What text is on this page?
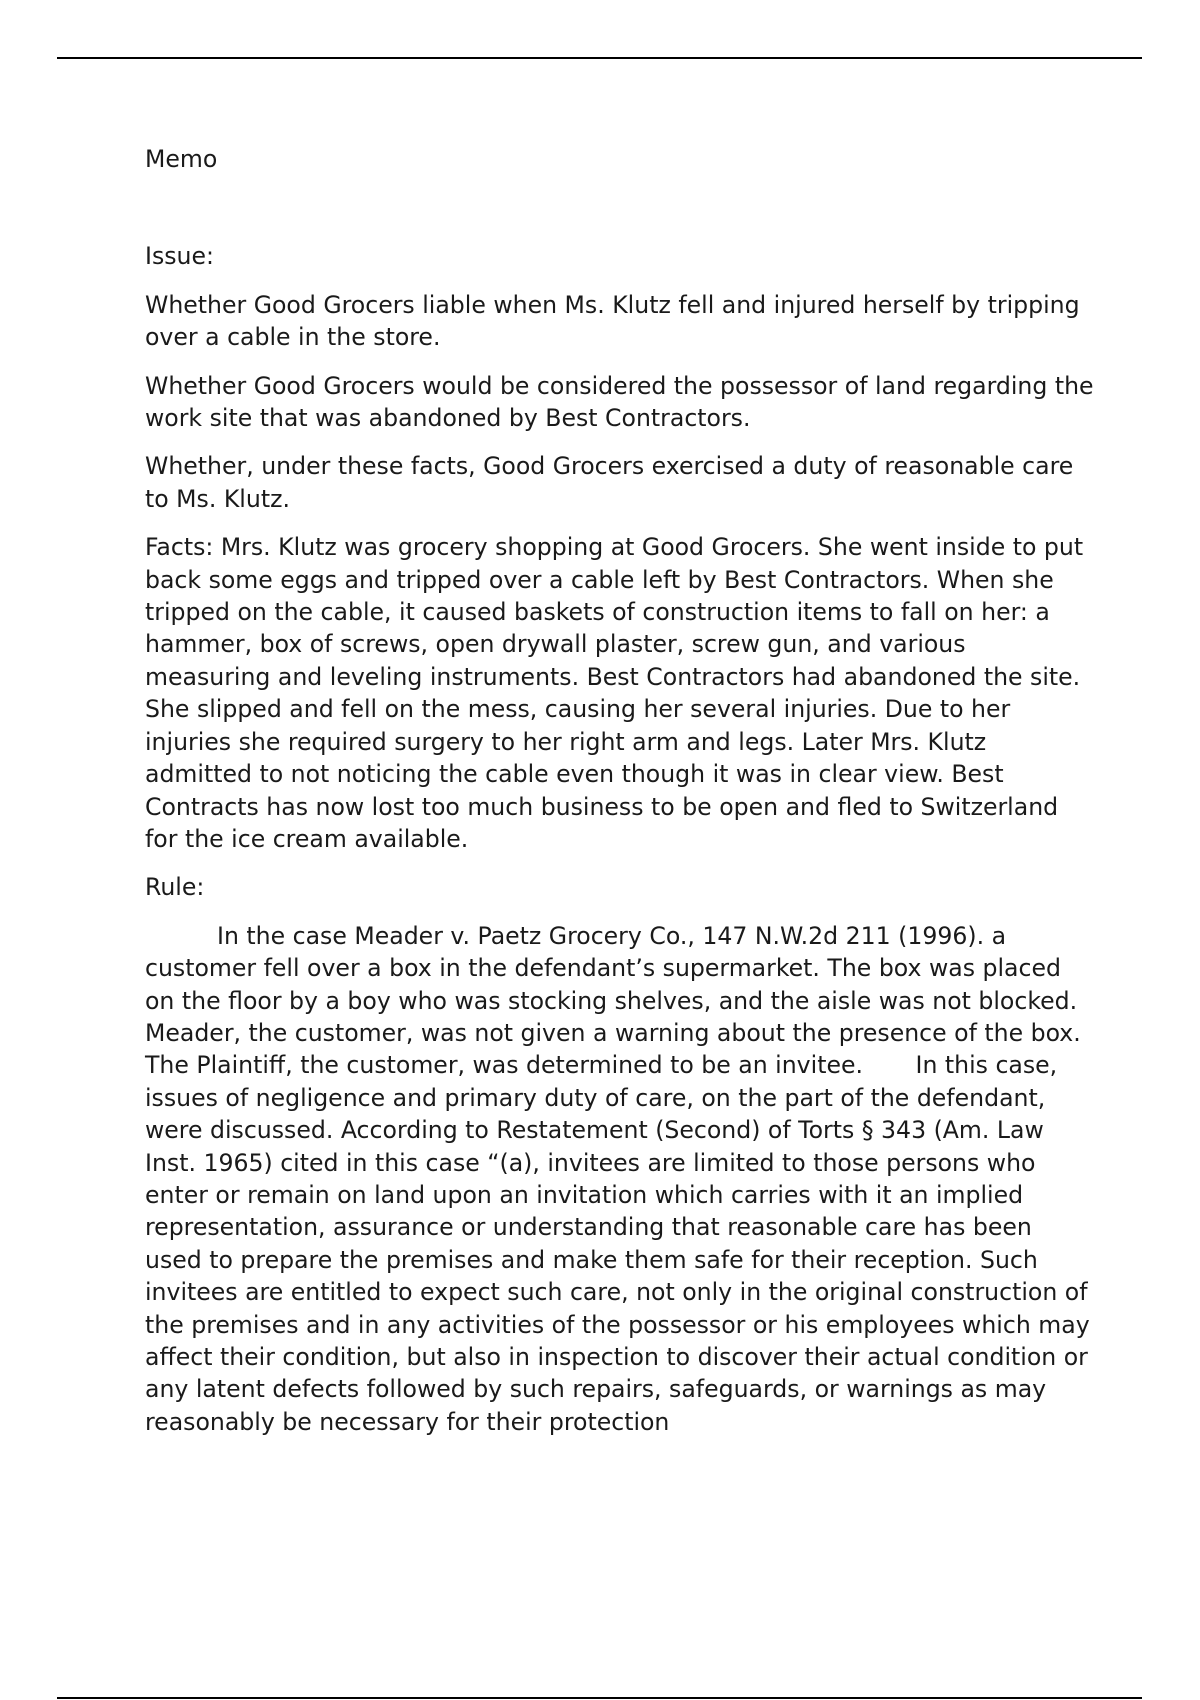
Memo

Issue:

Whether Good Grocers liable when Ms. Klutz fell and injured herself by tripping over a cable in the store.

Whether Good Grocers would be considered the possessor of land regarding the work site that was abandoned by Best Contractors.

Whether, under these facts, Good Grocers exercised a duty of reasonable care to Ms. Klutz.

Facts: Mrs. Klutz was grocery shopping at Good Grocers. She went inside to put back some eggs and tripped over a cable left by Best Contractors. When she tripped on the cable, it caused baskets of construction items to fall on her: a hammer, box of screws, open drywall plaster, screw gun, and various measuring and leveling instruments. Best Contractors had abandoned the site. She slipped and fell on the mess, causing her several injuries. Due to her injuries she required surgery to her right arm and legs. Later Mrs. Klutz admitted to not noticing the cable even though it was in clear view. Best Contracts has now lost too much business to be open and fled to Switzerland for the ice cream available.

Rule:

In the case Meader v. Paetz Grocery Co., 147 N.W.2d 211 (1996). a customer fell over a box in the defendant’s supermarket. The box was placed on the floor by a boy who was stocking shelves, and the aisle was not blocked. Meader, the customer, was not given a warning about the presence of the box. The Plaintiff, the customer, was determined to be an invitee.       In this case, issues of negligence and primary duty of care, on the part of the defendant, were discussed. According to Restatement (Second) of Torts § 343 (Am. Law Inst. 1965) cited in this case “(a), invitees are limited to those persons who enter or remain on land upon an invitation which carries with it an implied representation, assurance or understanding that reasonable care has been used to prepare the premises and make them safe for their reception. Such invitees are entitled to expect such care, not only in the original construction of the premises and in any activities of the possessor or his employees which may affect their condition, but also in inspection to discover their actual condition or any latent defects followed by such repairs, safeguards, or warnings as may reasonably be necessary for their protection
